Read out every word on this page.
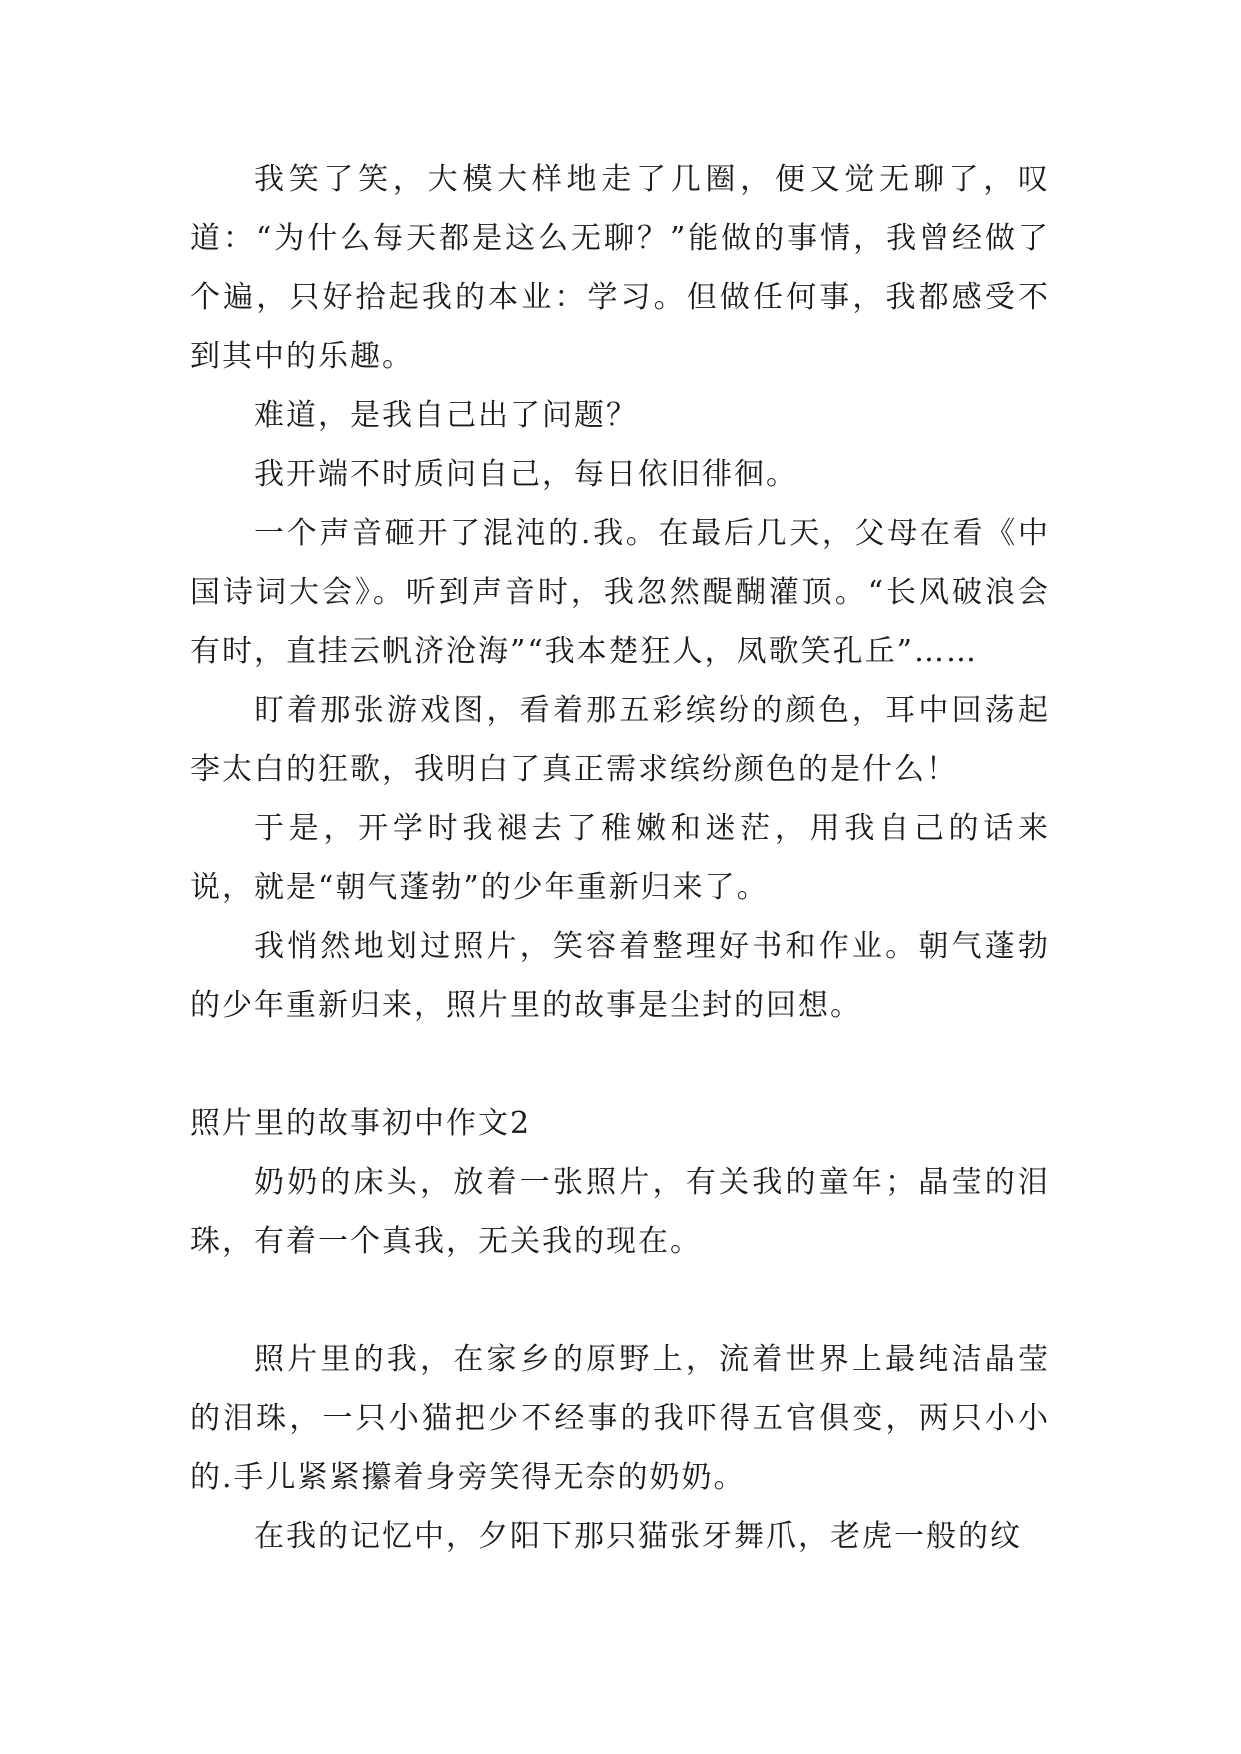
我笑了笑，大模大样地走了几圈，便又觉无聊了，叹道：“为什么每天都是这么无聊？”能做的事情，我曾经做了个遍，只好拾起我的本业：学习。但做任何事，我都感受不到其中的乐趣。

难道，是我自己出了问题？

我开端不时质问自己，每日依旧徘徊。

一个声音砸开了混沌的.我。在最后几天，父母在看《中国诗词大会》。听到声音时，我忽然醍醐灌顶。“长风破浪会有时，直挂云帆济沧海”“我本楚狂人，凤歌笑孔丘”……

盯着那张游戏图，看着那五彩缤纷的颜色，耳中回荡起李太白的狂歌，我明白了真正需求缤纷颜色的是什么！

于是，开学时我褪去了稚嫩和迷茫，用我自己的话来说，就是“朝气蓬勃”的少年重新归来了。

我悄然地划过照片，笑容着整理好书和作业。朝气蓬勃的少年重新归来，照片里的故事是尘封的回想。

照片里的故事初中作文2

奶奶的床头，放着一张照片，有关我的童年；晶莹的泪珠，有着一个真我，无关我的现在。

照片里的我，在家乡的原野上，流着世界上最纯洁晶莹的泪珠，一只小猫把少不经事的我吓得五官俱变，两只小小的.手儿紧紧攥着身旁笑得无奈的奶奶。

在我的记忆中，夕阳下那只猫张牙舞爪，老虎一般的纹
